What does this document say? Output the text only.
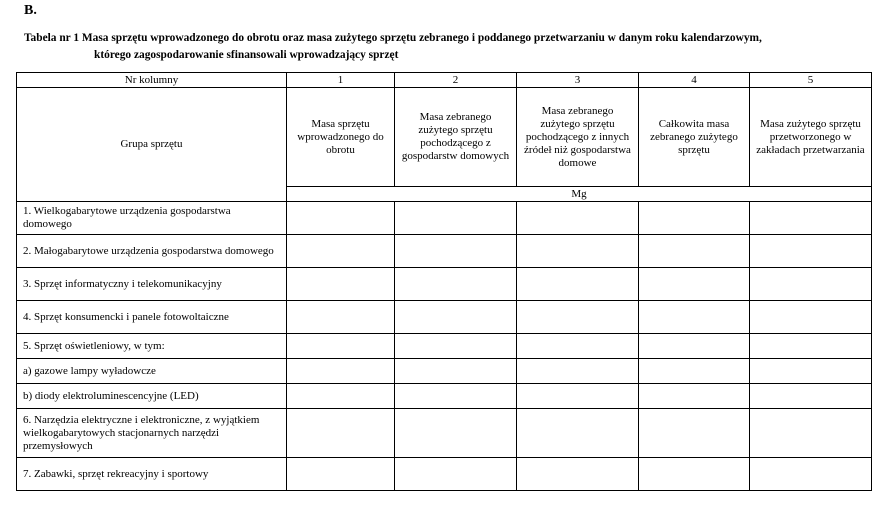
B.
Tabela nr 1 Masa sprzętu wprowadzonego do obrotu oraz masa zużytego sprzętu zebranego i poddanego przetwarzaniu w danym roku kalendarzowym,
którego zagospodarowanie sfinansowali wprowadzający sprzęt
Nr kolumny	1	2	3	4	5
Grupa sprzętu	Masa sprzętu wprowadzonego do obrotu	Masa zebranego zużytego sprzętu pochodzącego z gospodarstw domowych	Masa zebranego zużytego sprzętu pochodzącego z innych źródeł niż gospodarstwa domowe	Całkowita masa zebranego zużytego sprzętu	Masa zużytego sprzętu przetworzonego w zakładach przetwarzania
	Mg				
1. Wielkogabarytowe urządzenia gospodarstwa domowego					
2. Małogabarytowe urządzenia gospodarstwa domowego					
3. Sprzęt informatyczny i telekomunikacyjny					
4. Sprzęt konsumencki i panele fotowoltaiczne					
5. Sprzęt oświetleniowy, w tym:					
a) gazowe lampy wyładowcze					
b) diody elektroluminescencyjne (LED)					
6. Narzędzia elektryczne i elektroniczne, z wyjątkiem wielkogabarytowych stacjonarnych narzędzi przemysłowych					
7. Zabawki, sprzęt rekreacyjny i sportowy					
